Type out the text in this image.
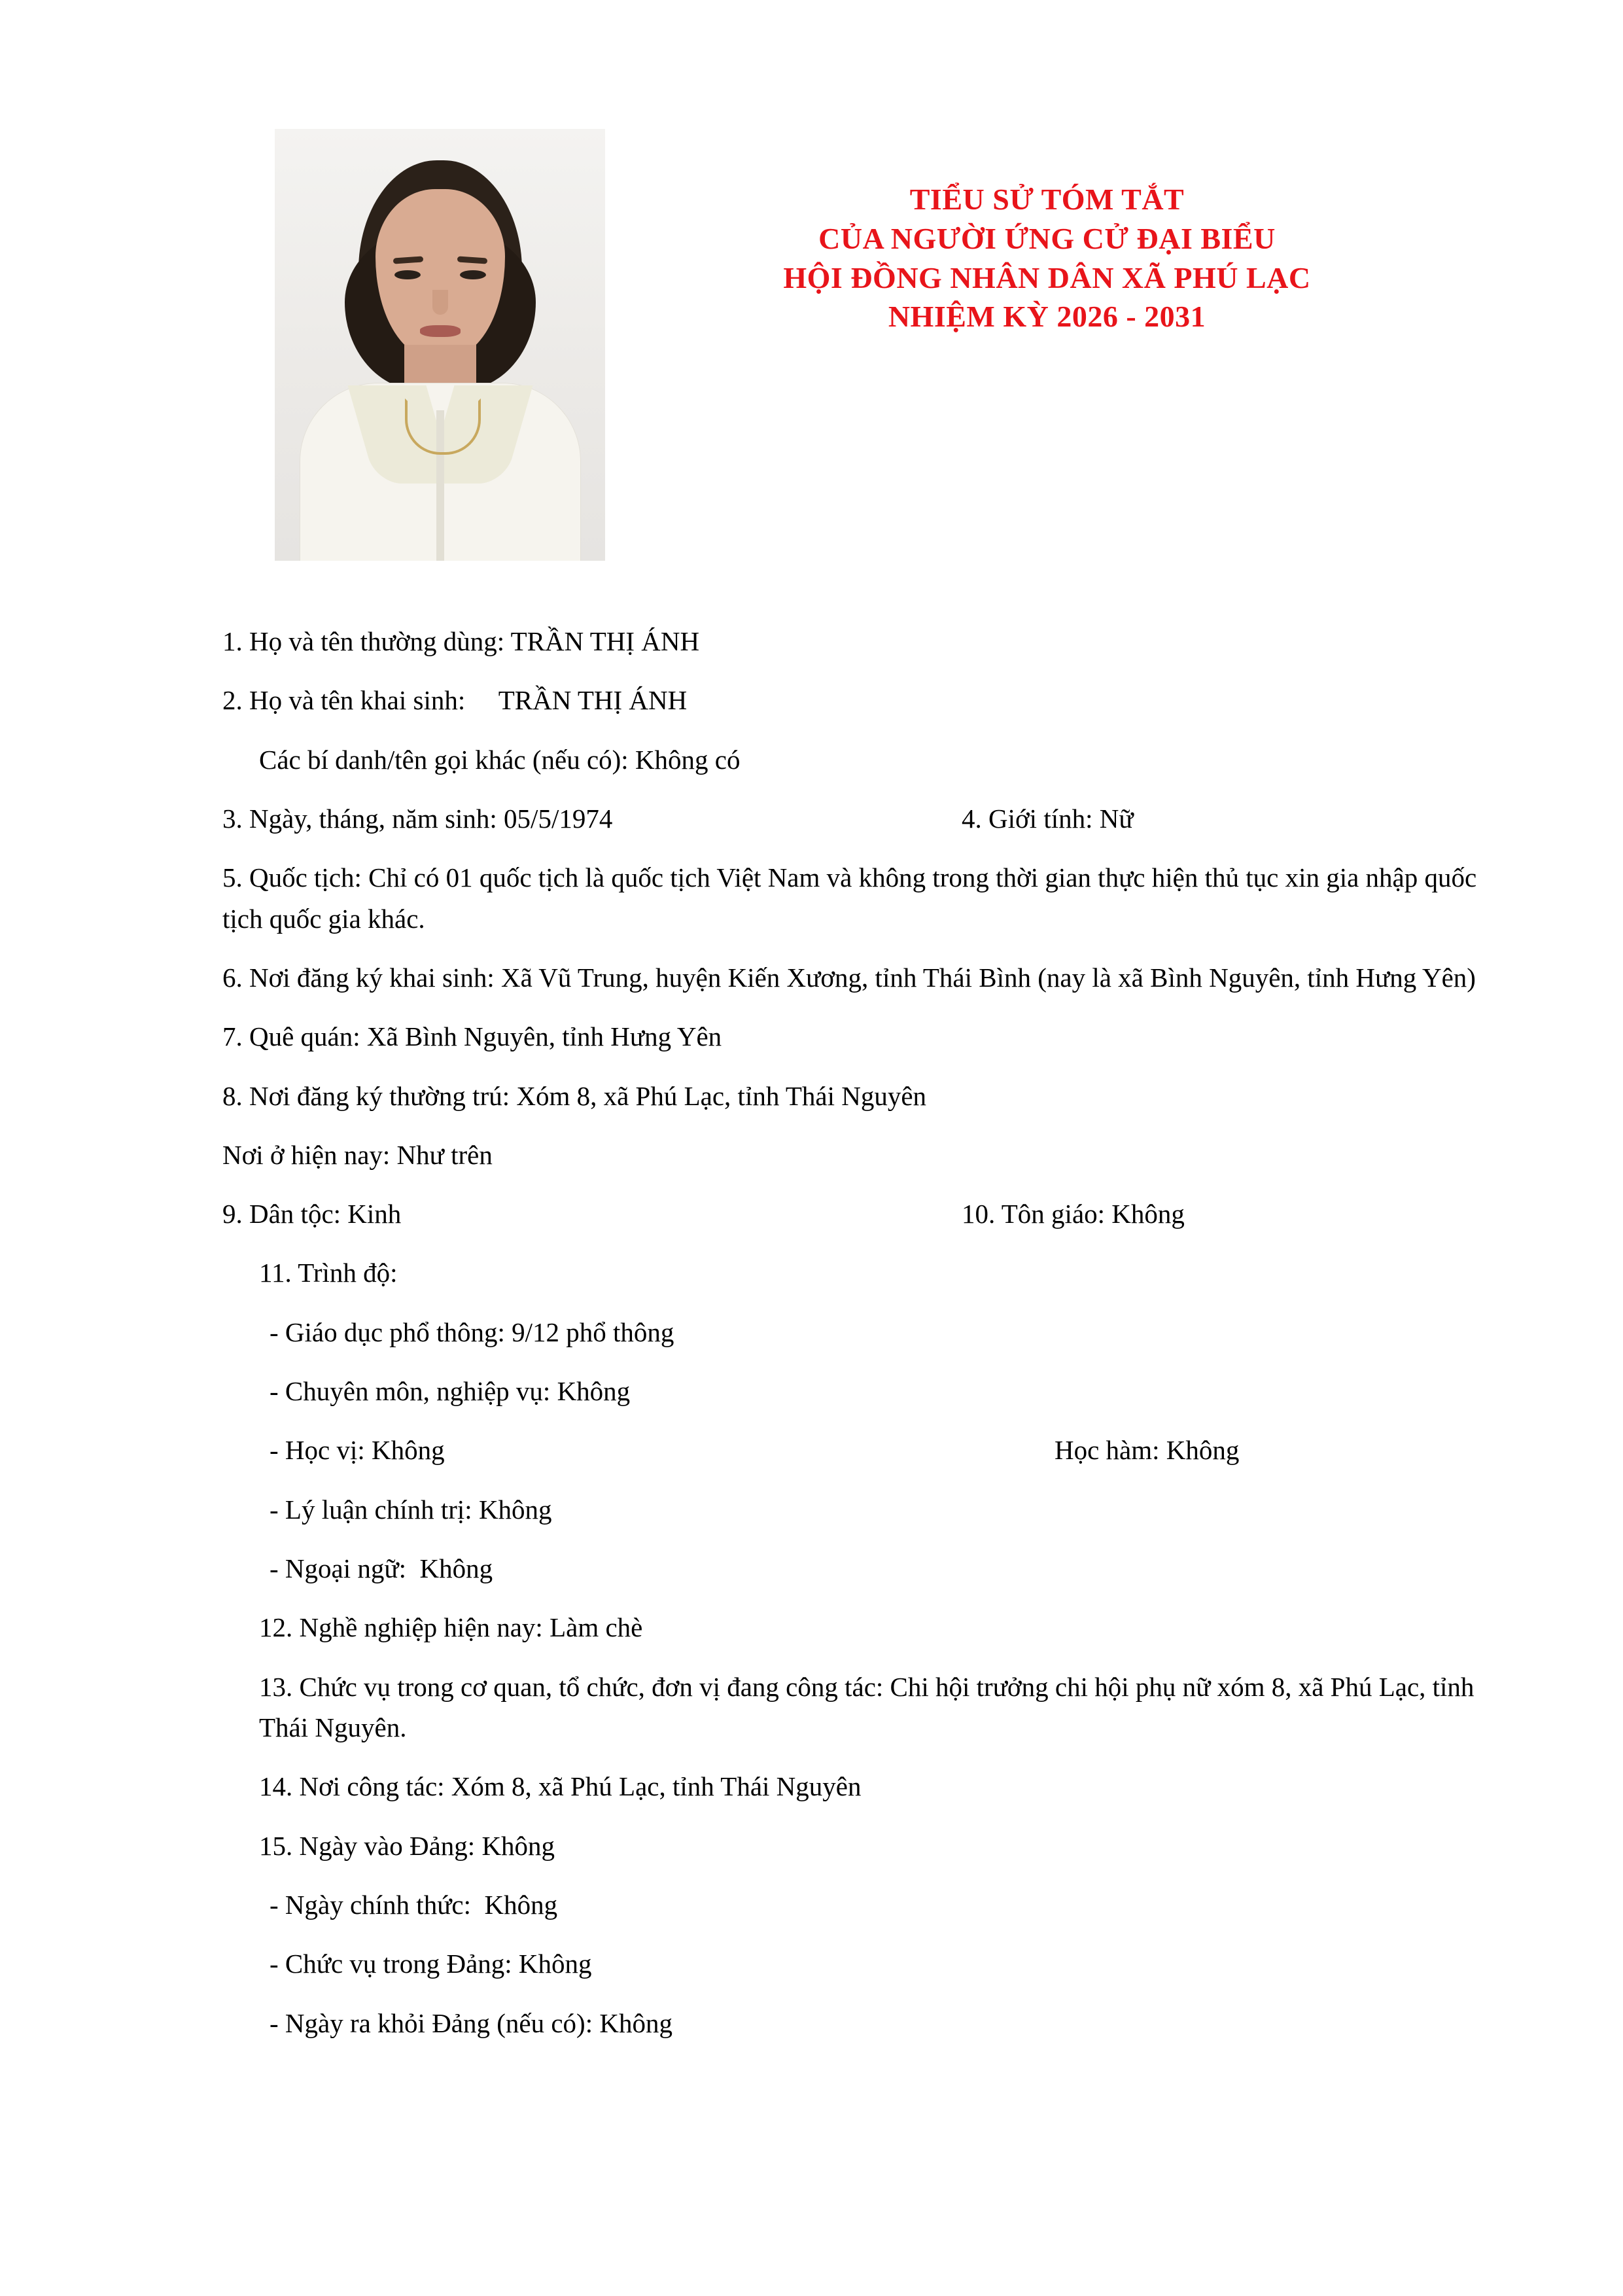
TIỂU SỬ TÓM TẮT
CỦA NGƯỜI ỨNG CỬ ĐẠI BIỂU
HỘI ĐỒNG NHÂN DÂN XÃ PHÚ LẠC
NHIỆM KỲ 2026 - 2031

1. Họ và tên thường dùng: TRẦN THỊ ÁNH

2. Họ và tên khai sinh:     TRẦN THỊ ÁNH

Các bí danh/tên gọi khác (nếu có): Không có

3. Ngày, tháng, năm sinh: 05/5/1974	4. Giới tính: Nữ

5. Quốc tịch: Chỉ có 01 quốc tịch là quốc tịch Việt Nam và không trong thời gian thực hiện thủ tục xin gia nhập quốc tịch quốc gia khác.

6. Nơi đăng ký khai sinh: Xã Vũ Trung, huyện Kiến Xương, tỉnh Thái Bình (nay là xã Bình Nguyên, tỉnh Hưng Yên)

7. Quê quán: Xã Bình Nguyên, tỉnh Hưng Yên

8. Nơi đăng ký thường trú: Xóm 8, xã Phú Lạc, tỉnh Thái Nguyên

Nơi ở hiện nay: Như trên

9. Dân tộc: Kinh	10. Tôn giáo: Không

11. Trình độ:

- Giáo dục phổ thông: 9/12 phổ thông

- Chuyên môn, nghiệp vụ: Không

- Học vị: Không	Học hàm: Không

- Lý luận chính trị: Không

- Ngoại ngữ:  Không

12. Nghề nghiệp hiện nay: Làm chè

13. Chức vụ trong cơ quan, tổ chức, đơn vị đang công tác: Chi hội trưởng chi hội phụ nữ xóm 8, xã Phú Lạc, tỉnh Thái Nguyên.

14. Nơi công tác: Xóm 8, xã Phú Lạc, tỉnh Thái Nguyên

15. Ngày vào Đảng: Không

- Ngày chính thức:  Không

- Chức vụ trong Đảng: Không

- Ngày ra khỏi Đảng (nếu có): Không
